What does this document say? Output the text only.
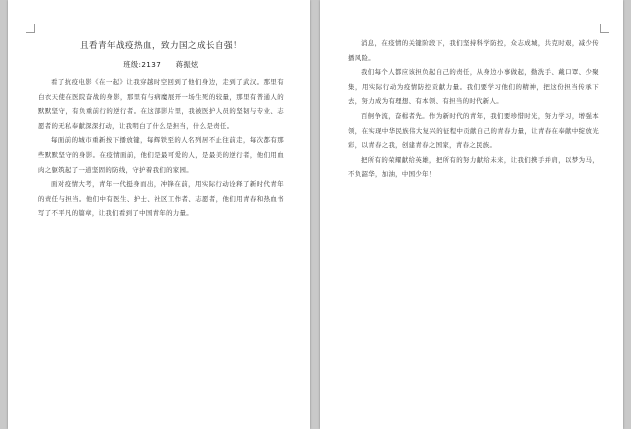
且看青年战疫热血，致力国之成长自强！
班级:2137 蒋振炫

看了抗疫电影《在一起》让我穿越时空回到了他们身边，走到了武汉。那里有白衣天使在医院奋战的身影，那里有与病魔展开一场生死的较量，那里有普通人的默默坚守，有负重前行的逆行者。在这部影片里，我被医护人员的坚韧与专业、志愿者的无私奉献深深打动，让我明白了什么是担当，什么是责任。

每面前的城市重新按下播放键，每辉铁至的人名列居不止往前走，每次都有那些默默坚守的身影。在疫情面前，他们是最可爱的人，是最美的逆行者，他们用血肉之躯筑起了一道坚固的防线，守护着我们的家园。

面对疫情大考，青年一代挺身而出，冲锋在前，用实际行动诠释了新时代青年的责任与担当。他们中有医生、护士、社区工作者、志愿者，他们用青春和热血书写了不平凡的篇章，让我们看到了中国青年的力量。

消息，在疫情的关键阶段下，我们坚持科学防控，众志成城，共克时艰，减少传播风险。

我们每个人都应该担负起自己的责任，从身边小事做起，勤洗手、戴口罩、少聚集，用实际行动为疫情防控贡献力量。我们要学习他们的精神，把这份担当传承下去，努力成为有理想、有本领、有担当的时代新人。

百舸争流，奋楫者先。作为新时代的青年，我们要珍惜时光，努力学习，增强本领，在实现中华民族伟大复兴的征程中贡献自己的青春力量，让青春在奉献中绽放光彩，以青春之我，创建青春之国家，青春之民族。

把所有的荣耀献给英雄，把所有的努力献给未来，让我们携手并肩，以梦为马，不负韶华，加油，中国少年！
